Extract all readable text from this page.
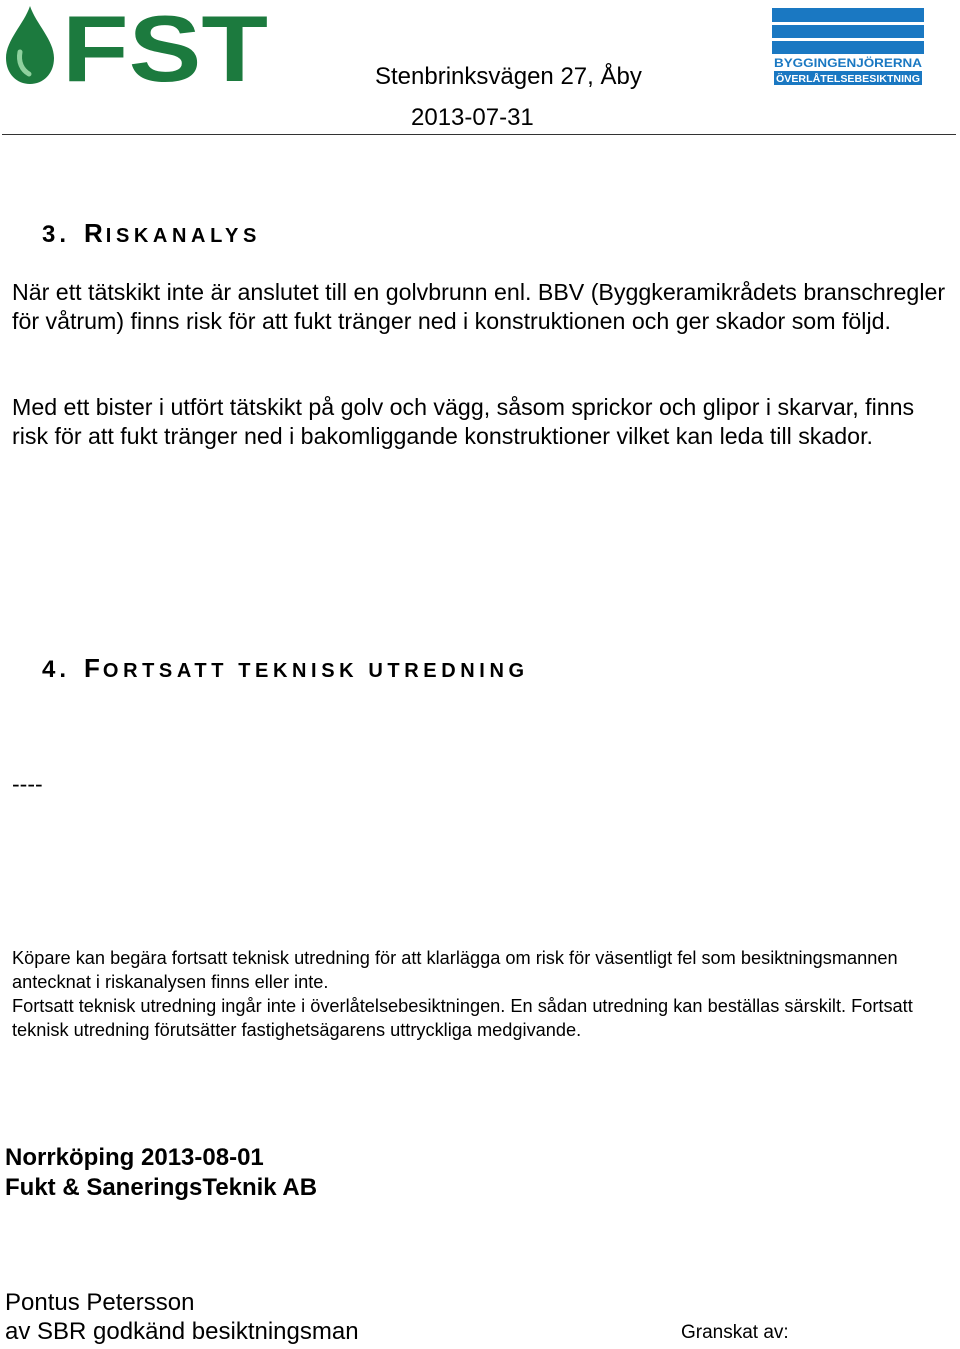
FST	SBR
BYGGINGENJÖRERNA
ÖVERLÅTELSEBESIKTNING
Stenbrinksvägen 27, Åby
2013-07-31
3. RISKANALYS
När ett tätskikt inte är anslutet till en golvbrunn enl. BBV (Byggkeramikrådets branschregler för våtrum) finns risk för att fukt tränger ned i konstruktionen och ger skador som följd.
Med ett bister i utfört tätskikt på golv och vägg, såsom sprickor och glipor i skarvar, finns risk för att fukt tränger ned i bakomliggande konstruktioner vilket kan leda till skador.
4. FORTSATT TEKNISK UTREDNING
----
Köpare kan begära fortsatt teknisk utredning för att klarlägga om risk för väsentligt fel som besiktningsmannen antecknat i riskanalysen finns eller inte.
Fortsatt teknisk utredning ingår inte i överlåtelsebesiktningen. En sådan utredning kan beställas särskilt. Fortsatt teknisk utredning förutsätter fastighetsägarens uttryckliga medgivande.
Norrköping 2013-08-01
Fukt & SaneringsTeknik AB
Pontus Petersson
av SBR godkänd besiktningsman	Granskat av:
